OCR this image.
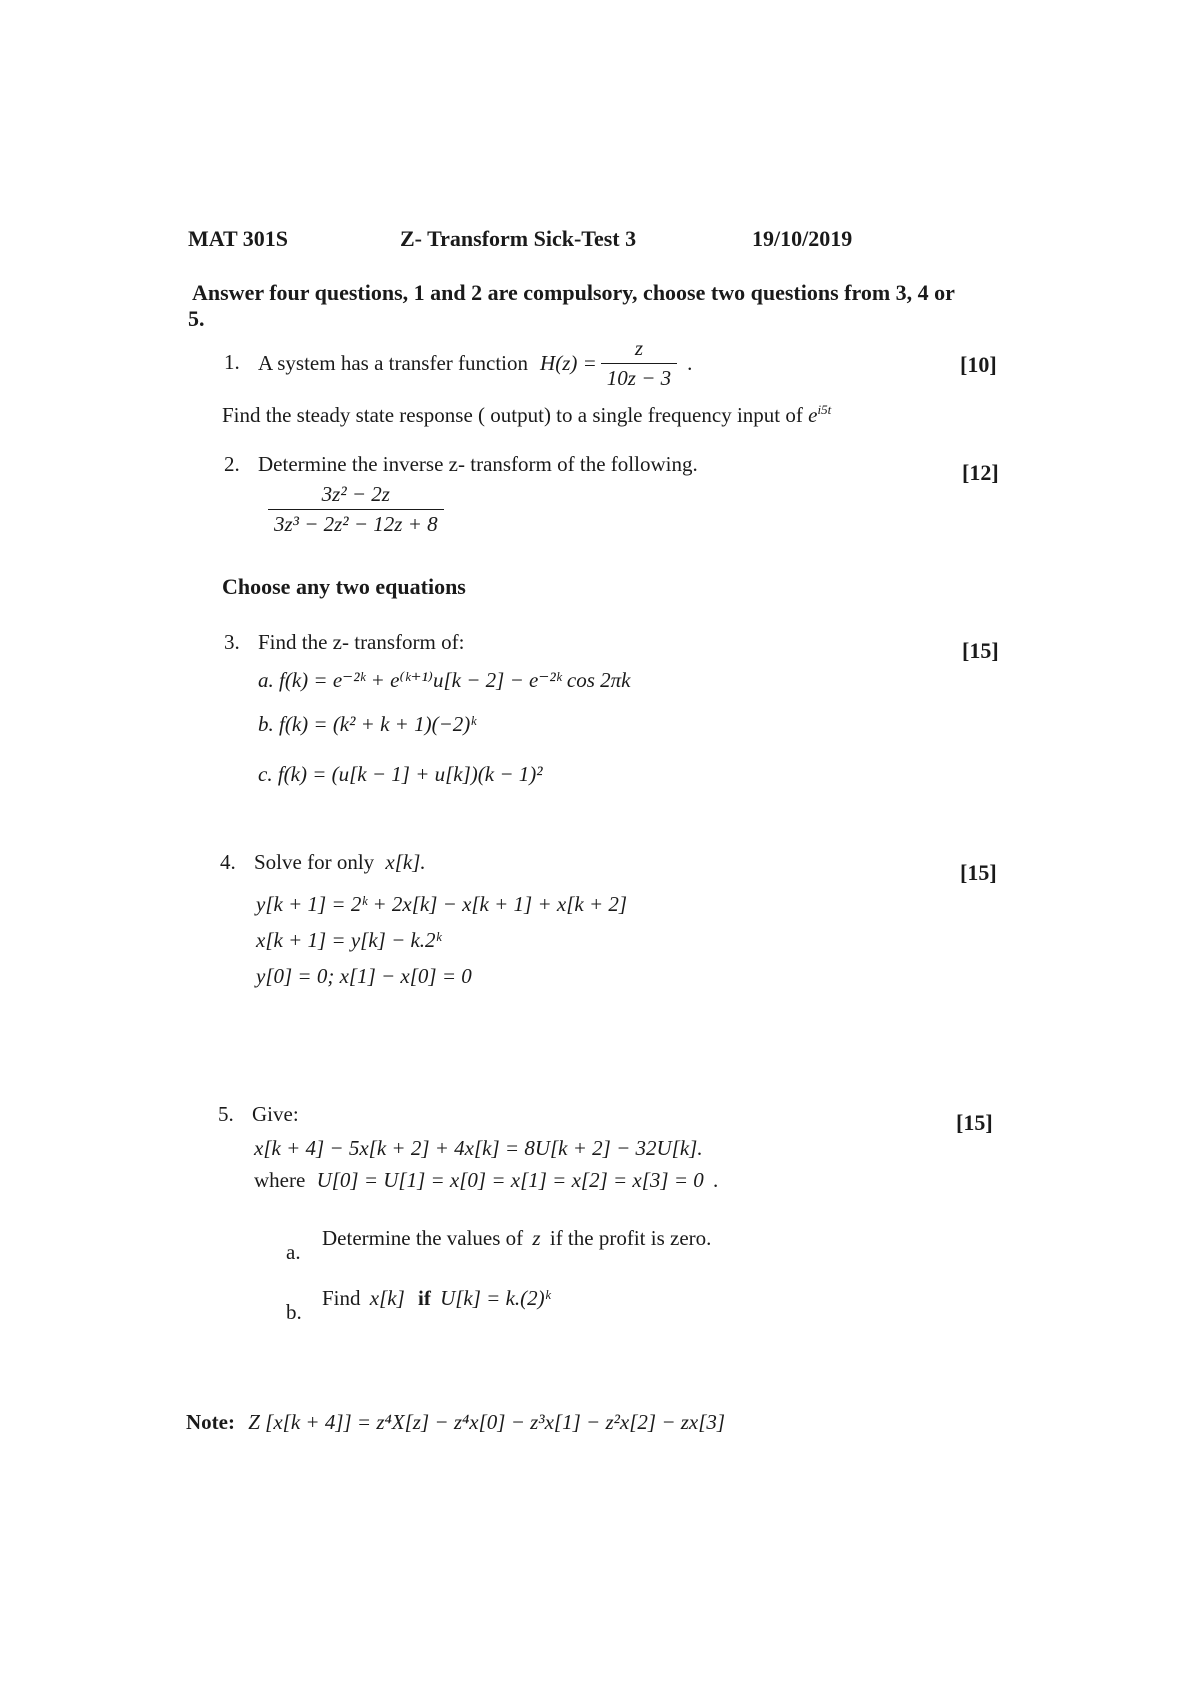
MAT 301S	Z- Transform Sick-Test 3	19/10/2019
Answer four questions, 1 and 2 are compulsory, choose two questions from 3, 4 or
5.
1. A system has a transfer function $H(z) = \frac{z}{10z - 3}$ .	[10]
Find the steady state response ( output) to a single frequency input of $e^{i5t}$
2. Determine the inverse z- transform of the following.	[12]
$\frac{\text{3z² − 2z}}{\text{3z³ − 2z² − 12z + 8}}$
Choose any two equations
3. Find the z- transform of:	[15]
a. f(k) = e⁻²ᵏ + e⁽ᵏ⁺¹⁾u[k − 2] − e⁻²ᵏ cos 2πk
b. f(k) = (k² + k + 1)(−2)ᵏ
c. f(k) = (u[k − 1] + u[k])(k − 1)²
4. Solve for only x[k].	[15]
y[k + 1] = 2ᵏ + 2x[k] − x[k + 1] + x[k + 2]
x[k + 1] = y[k] − k.2ᵏ
y[0] = 0; x[1] − x[0] = 0
5. Give:	[15]
x[k + 4] − 5x[k + 2] + 4x[k] = 8U[k + 2] − 32U[k].
where U[0] = U[1] = x[0] = x[1] = x[2] = x[3] = 0 .
a.
Determine the values of z if the profit is zero.
b.
Find x[k] if U[k] = k.(2)ᵏ
Note: Z [x[k + 4]] = z⁴X[z] − z⁴x[0] − z³x[1] − z²x[2] − zx[3]
